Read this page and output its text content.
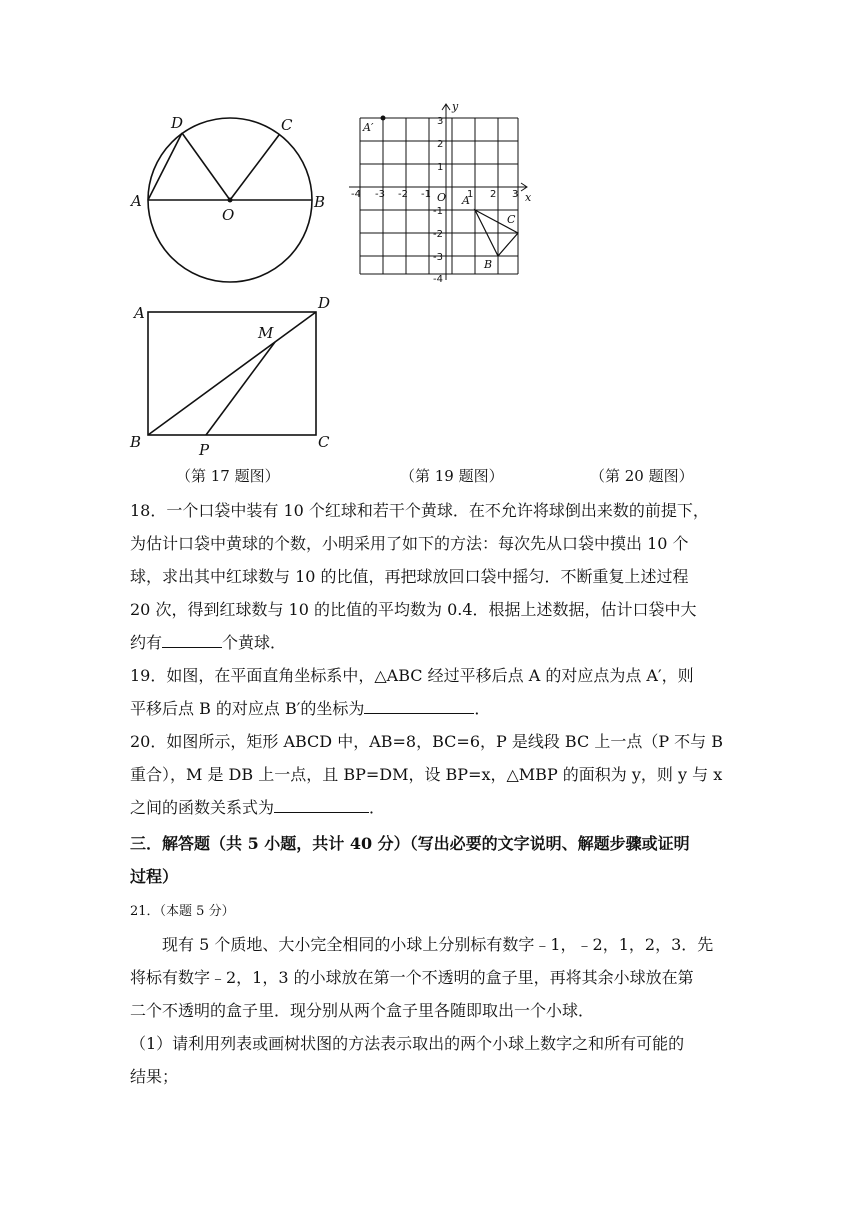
A	B
C
D
O
-4 -3 -2 -1	1 2 3
3
2
1
-1
-2
-3
-4
O	x
y
A′
A
B
C
A
B	C
D
M
P
（第 17 题图）	（第 19 题图）	（第 20 题图）
18．一个口袋中装有 10 个红球和若干个黄球．在不允许将球倒出来数的前提下，
为估计口袋中黄球的个数，小明采用了如下的方法：每次先从口袋中摸出 10 个
球，求出其中红球数与 10 的比值，再把球放回口袋中摇匀．不断重复上述过程
20 次，得到红球数与 10 的比值的平均数为 0.4．根据上述数据，估计口袋中大
约有	个黄球．
19．如图，在平面直角坐标系中，△ABC 经过平移后点 A 的对应点为点 A′，则
平移后点 B 的对应点 B′的坐标为	．
20．如图所示，矩形 ABCD 中，AB=8，BC=6，P 是线段 BC 上一点（P 不与 B
重合），M 是 DB 上一点，且 BP=DM，设 BP=x，△MBP 的面积为 y，则 y 与 x
之间的函数关系式为	．
三．解答题（共 5 小题，共计 40 分）（写出必要的文字说明、解题步骤或证明
过程）
21．（本题 5 分）
现有 5 个质地、大小完全相同的小球上分别标有数字﹣1，﹣2，1，2，3．先
将标有数字﹣2，1，3 的小球放在第一个不透明的盒子里，再将其余小球放在第
二个不透明的盒子里．现分别从两个盒子里各随即取出一个小球．
（1）请利用列表或画树状图的方法表示取出的两个小球上数字之和所有可能的
结果；
